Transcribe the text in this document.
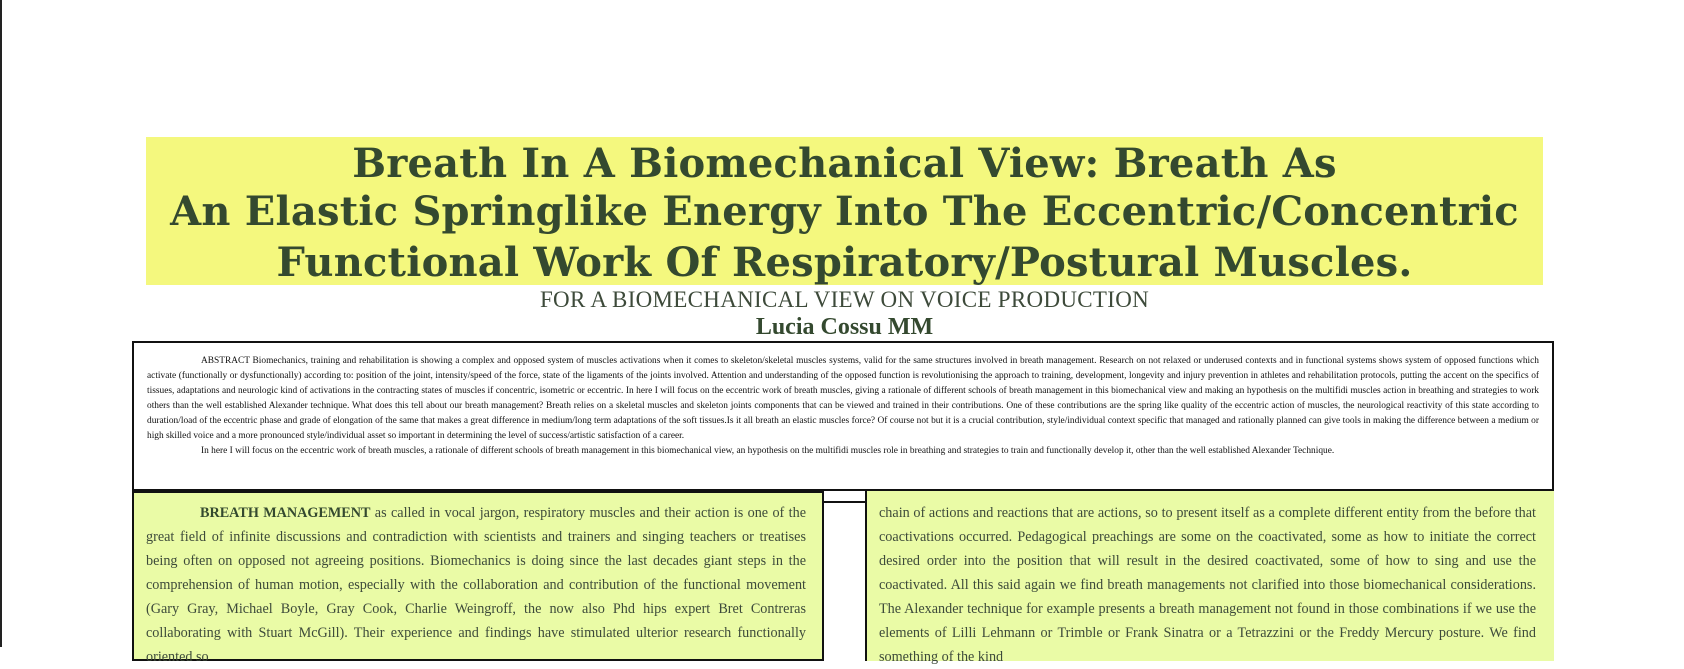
Breath In A Biomechanical View: Breath As
An Elastic Springlike Energy Into The Eccentric/Concentric
Functional Work Of Respiratory/Postural Muscles.
FOR A BIOMECHANICAL VIEW ON VOICE PRODUCTION
Lucia Cossu MM

ABSTRACT Biomechanics, training and rehabilitation is showing a complex and opposed system of muscles activations when it comes to skeleton/skeletal muscles systems, valid for the same structures involved in breath management. Research on not relaxed or underused contexts and in functional systems shows system of opposed functions which activate (functionally or dysfunctionally) according to: position of the joint, intensity/speed of the force, state of the ligaments of the joints involved. Attention and understanding of the opposed function is revolutionising the approach to training, development, longevity and injury prevention in athletes and rehabilitation protocols, putting the accent on the specifics of tissues, adaptations and neurologic kind of activations in the contracting states of muscles if concentric, isometric or eccentric. In here I will focus on the eccentric work of breath muscles, giving a rationale of different schools of breath management in this biomechanical view and making an hypothesis on the multifidi muscles action in breathing and strategies to work others than the well established Alexander technique. What does this tell about our breath management? Breath relies on a skeletal muscles and skeleton joints components that can be viewed and trained in their contributions. One of these contributions are the spring like quality of the eccentric action of muscles, the neurological reactivity of this state according to duration/load of the eccentric phase and grade of elongation of the same that makes a great difference in medium/long term adaptations of the soft tissues.Is it all breath an elastic muscles force? Of course not but it is a crucial contribution, style/individual context specific that managed and rationally planned can give tools in making the difference between a medium or high skilled voice and a more pronounced style/individual asset so important in determining the level of success/artistic satisfaction of a career.

In here I will focus on the eccentric work of breath muscles, a rationale of different schools of breath management in this biomechanical view, an hypothesis on the multifidi muscles role in breathing and strategies to train and functionally develop it, other than the well established Alexander Technique.

BREATH MANAGEMENT as called in vocal jargon, respiratory muscles and their action is one of the great field of infinite discussions and contradiction with scientists and trainers and singing teachers or treatises being often on opposed not agreeing positions. Biomechanics is doing since the last decades giant steps in the comprehension of human motion, especially with the collaboration and contribution of the functional movement (Gary Gray, Michael Boyle, Gray Cook, Charlie Weingroff, the now also Phd hips expert Bret Contreras collaborating with Stuart McGill). Their experience and findings have stimulated ulterior research functionally oriented so

chain of actions and reactions that are actions, so to present itself as a complete different entity from the before that coactivations occurred. Pedagogical preachings are some on the coactivated, some as how to initiate the correct desired order into the position that will result in the desired coactivated, some of how to sing and use the coactivated. All this said again we find breath managements not clarified into those biomechanical considerations. The Alexander technique for example presents a breath management not found in those combinations if we use the elements of Lilli Lehmann or Trimble or Frank Sinatra or a Tetrazzini or the Freddy Mercury posture. We find something of the kind
